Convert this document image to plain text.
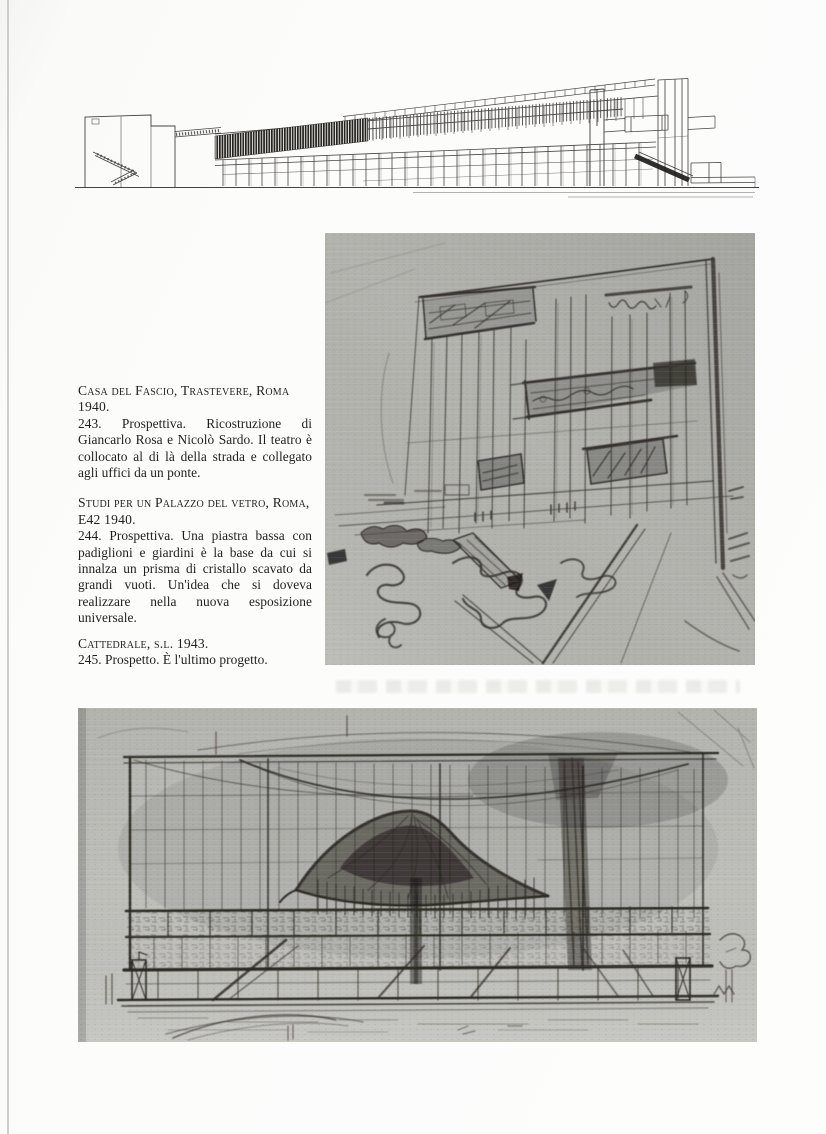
Casa del Fascio, Trastevere, Roma 1940.

243. Prospettiva. Ricostruzione di Giancarlo Rosa e Nicolò Sardo. Il teatro è collocato al di là della strada e collegato agli uffici da un ponte.

Studi per un Palazzo del vetro, Roma, E42 1940.

244. Prospettiva. Una piastra bassa con padiglioni e giardini è la base da cui si innalza un prisma di cristallo scavato da grandi vuoti. Un'idea che si doveva realizzare nella nuova esposizione universale.

Cattedrale, s.l. 1943.

245. Prospetto. È l'ultimo progetto.
